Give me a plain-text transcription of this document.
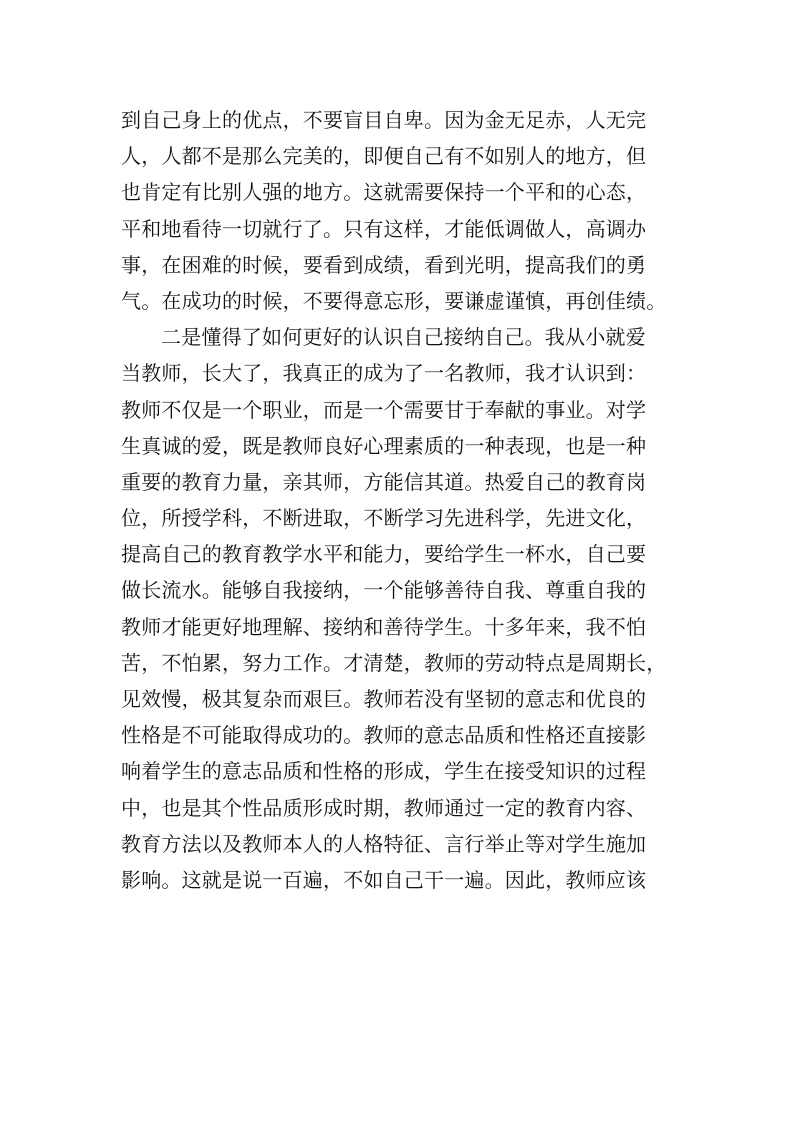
到自己身上的优点，不要盲目自卑。因为金无足赤，人无完
人，人都不是那么完美的，即便自己有不如别人的地方，但
也肯定有比别人强的地方。这就需要保持一个平和的心态，
平和地看待一切就行了。只有这样，才能低调做人，高调办
事，在困难的时候，要看到成绩，看到光明，提高我们的勇
气。在成功的时候，不要得意忘形，要谦虚谨慎，再创佳绩。
二是懂得了如何更好的认识自己接纳自己。我从小就爱
当教师，长大了，我真正的成为了一名教师，我才认识到：
教师不仅是一个职业，而是一个需要甘于奉献的事业。对学
生真诚的爱，既是教师良好心理素质的一种表现，也是一种
重要的教育力量，亲其师，方能信其道。热爱自己的教育岗
位，所授学科，不断进取，不断学习先进科学，先进文化，
提高自己的教育教学水平和能力，要给学生一杯水，自己要
做长流水。能够自我接纳，一个能够善待自我、尊重自我的
教师才能更好地理解、接纳和善待学生。十多年来，我不怕
苦，不怕累，努力工作。才清楚，教师的劳动特点是周期长，
见效慢，极其复杂而艰巨。教师若没有坚韧的意志和优良的
性格是不可能取得成功的。教师的意志品质和性格还直接影
响着学生的意志品质和性格的形成，学生在接受知识的过程
中，也是其个性品质形成时期，教师通过一定的教育内容、
教育方法以及教师本人的人格特征、言行举止等对学生施加
影响。这就是说一百遍，不如自己干一遍。因此，教师应该
